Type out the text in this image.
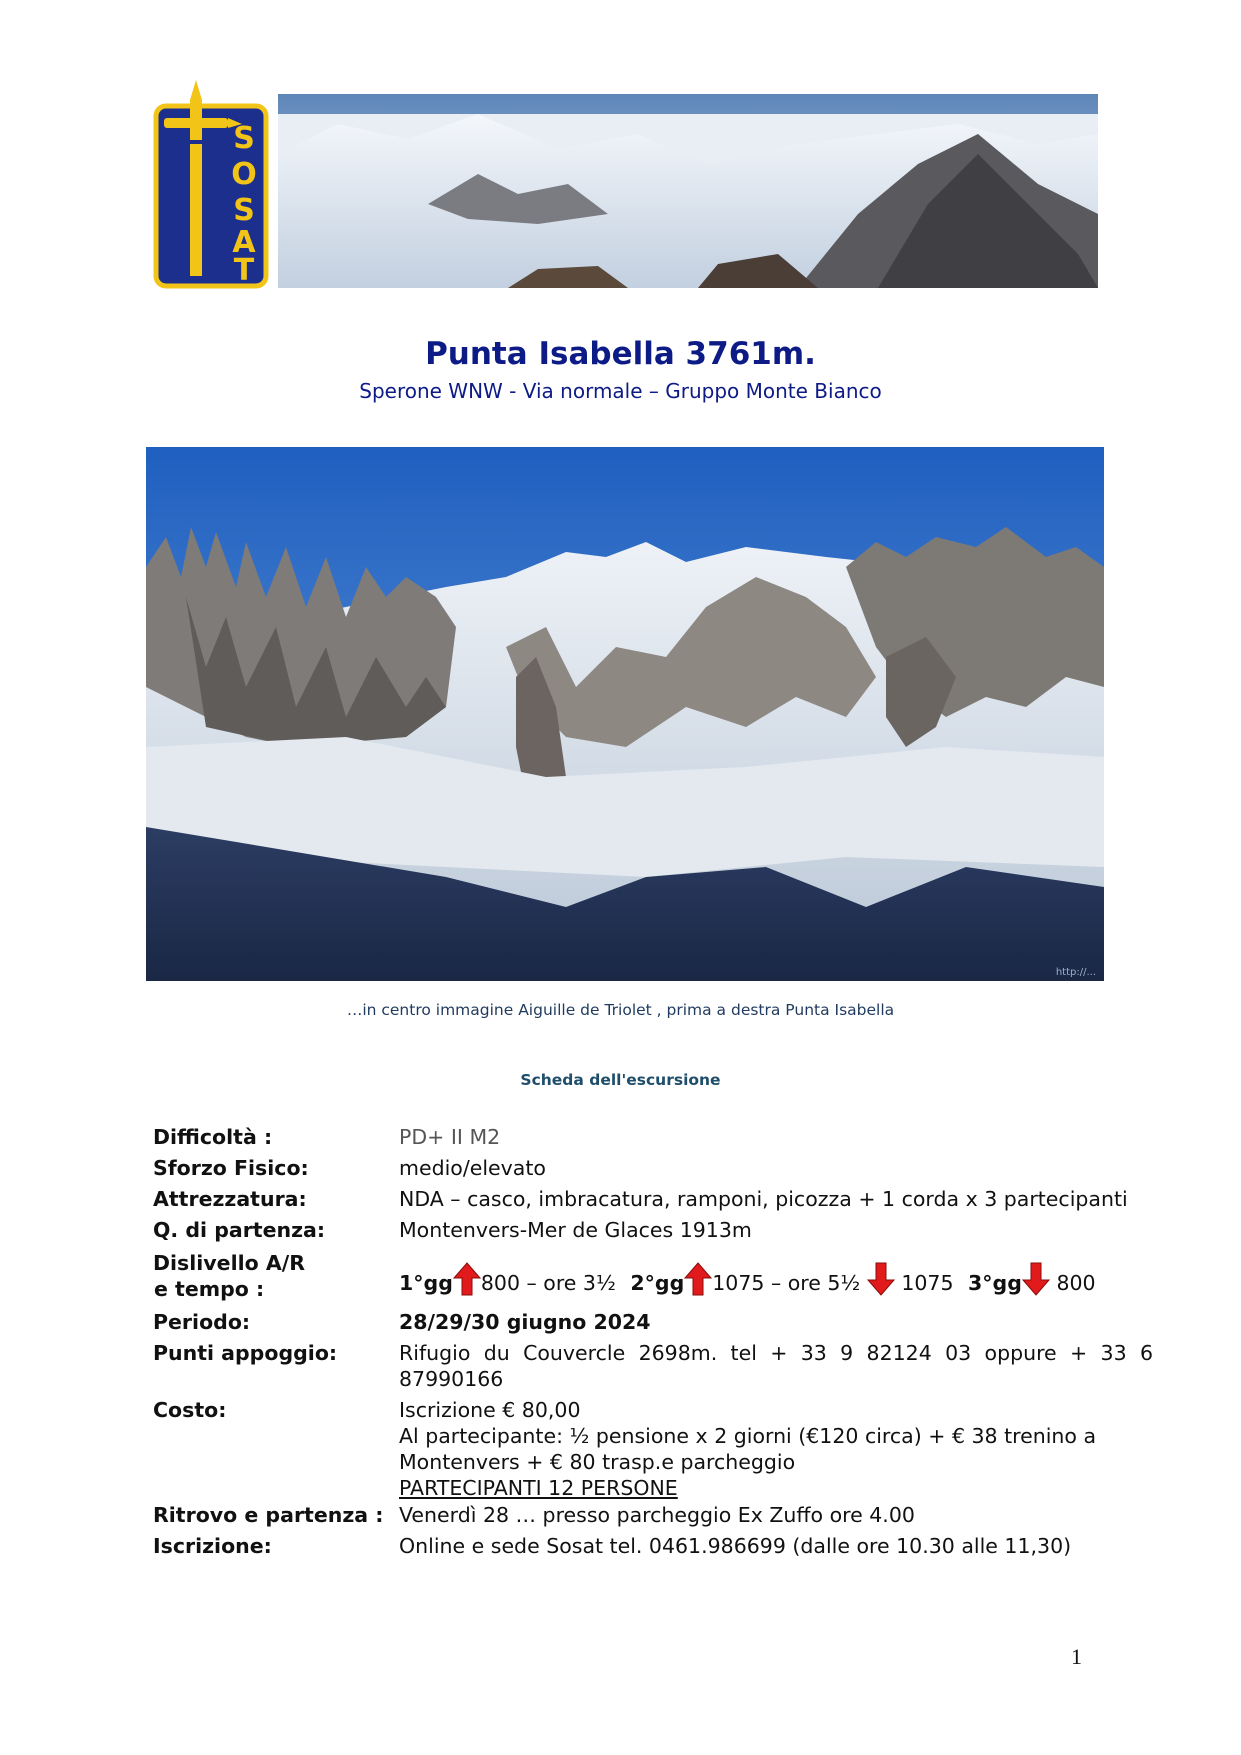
S
O
S
A
T
Punta Isabella 3761m.
Sperone WNW - Via normale – Gruppo Monte Bianco
http://...
…in centro immagine Aiguille de Triolet , prima a destra Punta Isabella
Scheda dell'escursione
Difficoltà :	PD+ II M2
Sforzo Fisico:	medio/elevato
Attrezzatura:	NDA – casco, imbracatura, ramponi, picozza + 1 corda x 3 partecipanti
Q. di partenza:	Montenvers-Mer de Glaces 1913m
Dislivello A/R
e tempo :	1°gg 800 – ore 3½ 2°gg 1075 – ore 5½ 1075 3°gg 800
Periodo:	28/29/30 giugno 2024
Punti appoggio:	Rifugio du Couvercle 2698m. tel + 33 9 82124 03 oppure + 33 6 87990166
Costo:	Iscrizione € 80,00
Al partecipante: ½ pensione x 2 giorni (€120 circa) + € 38 trenino a Montenvers + € 80 trasp.e parcheggio
PARTECIPANTI 12 PERSONE
Ritrovo e partenza : Venerdì 28 … presso parcheggio Ex Zuffo ore 4.00
Iscrizione:	Online e sede Sosat tel. 0461.986699 (dalle ore 10.30 alle 11,30)
1
